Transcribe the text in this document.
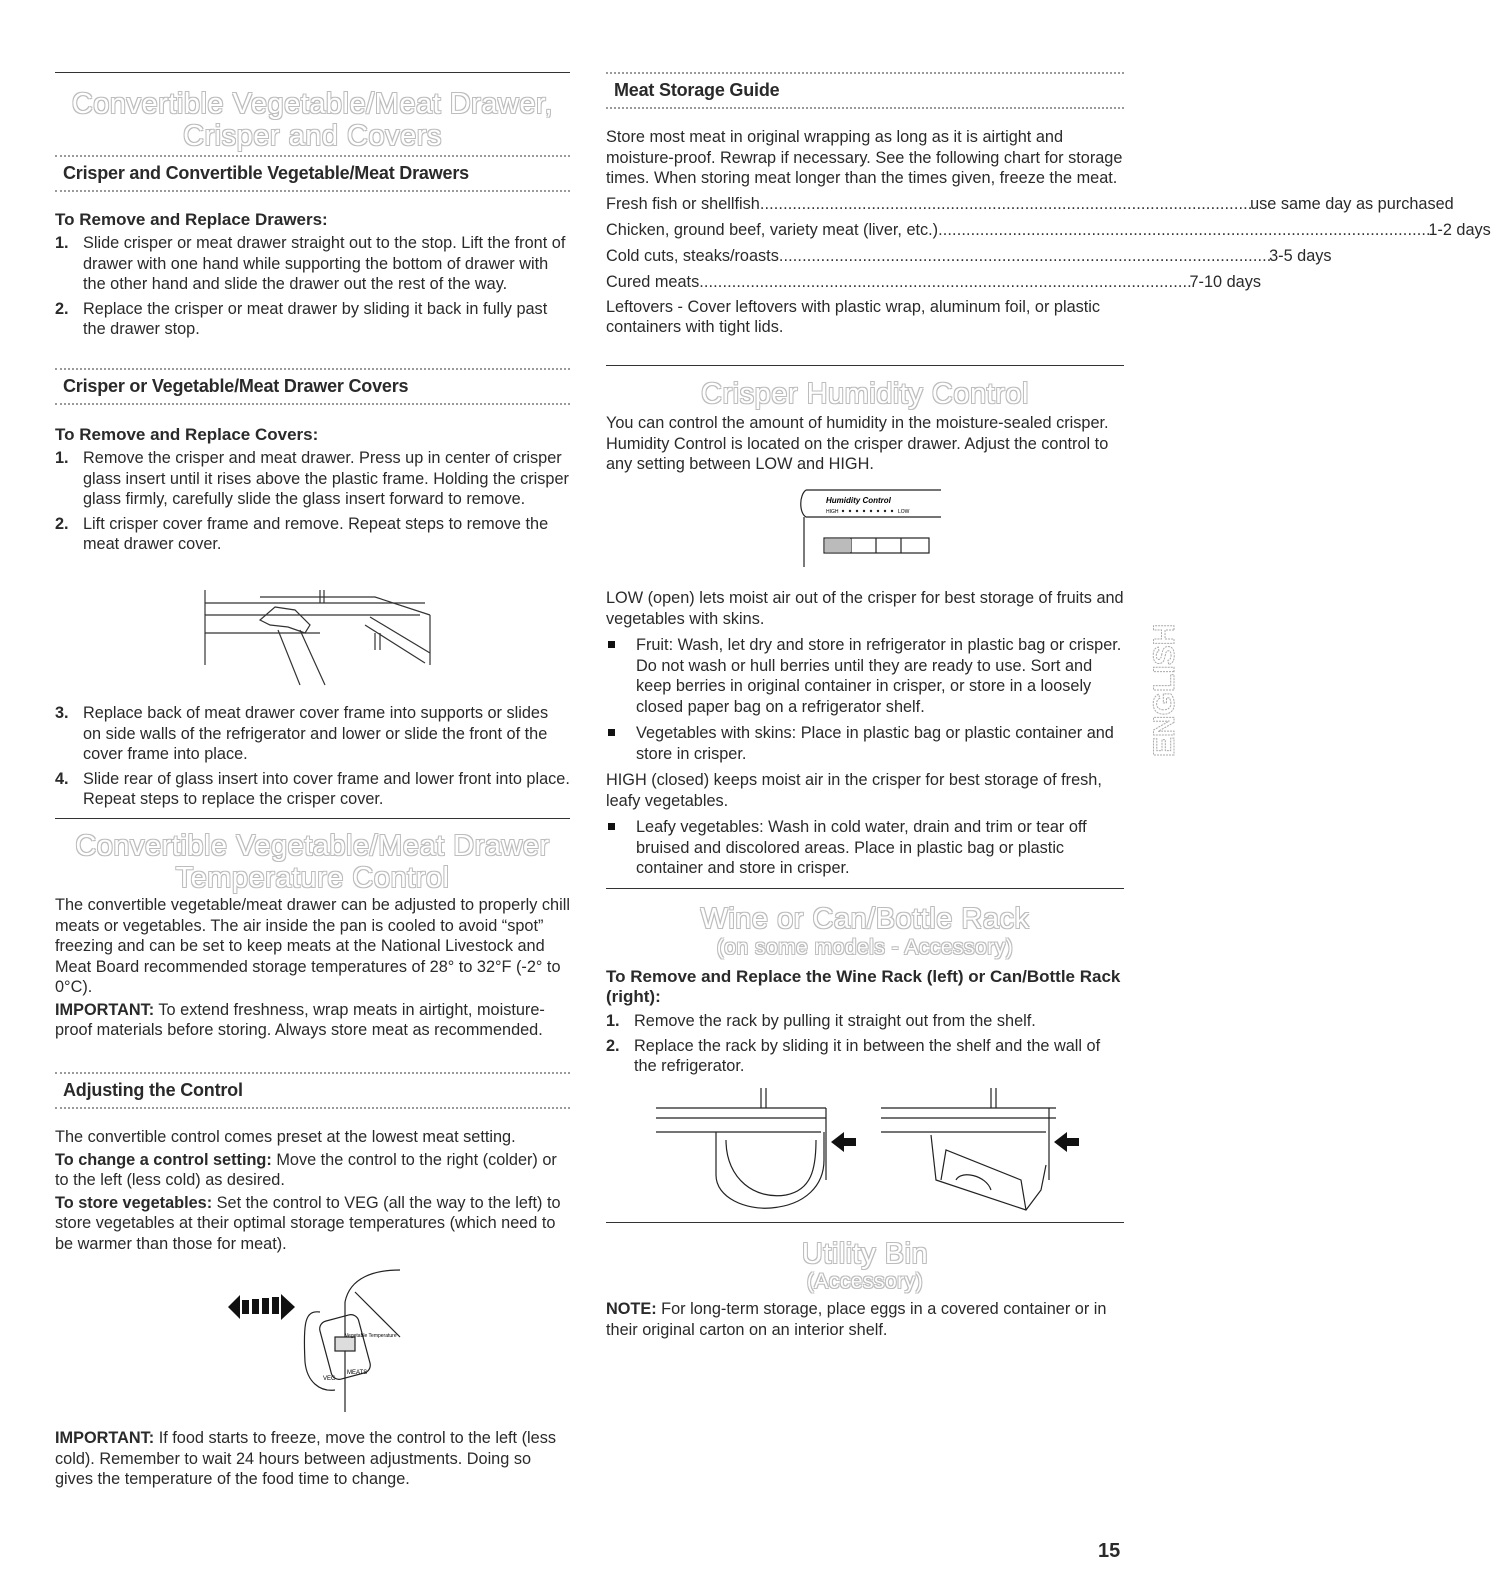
Convertible Vegetable/Meat Drawer,
Crisper and Covers
Crisper and Convertible Vegetable/Meat Drawers
To Remove and Replace Drawers:
1. Slide crisper or meat drawer straight out to the stop. Lift the front of drawer with one hand while supporting the bottom of drawer with the other hand and slide the drawer out the rest of the way.
2. Replace the crisper or meat drawer by sliding it back in fully past the drawer stop.
Crisper or Vegetable/Meat Drawer Covers
To Remove and Replace Covers:
1. Remove the crisper and meat drawer. Press up in center of crisper glass insert until it rises above the plastic frame. Holding the crisper glass firmly, carefully slide the glass insert forward to remove.
2. Lift crisper cover frame and remove. Repeat steps to remove the meat drawer cover.
3. Replace back of meat drawer cover frame into supports or slides on side walls of the refrigerator and lower or slide the front of the cover frame into place.
4. Slide rear of glass insert into cover frame and lower front into place. Repeat steps to replace the crisper cover.
Convertible Vegetable/Meat Drawer
Temperature Control

The convertible vegetable/meat drawer can be adjusted to properly chill meats or vegetables. The air inside the pan is cooled to avoid “spot” freezing and can be set to keep meats at the National Livestock and Meat Board recommended storage temperatures of 28° to 32°F (-2° to 0°C).

IMPORTANT: To extend freshness, wrap meats in airtight, moisture-proof materials before storing. Always store meat as recommended.

Adjusting the Control

The convertible control comes preset at the lowest meat setting.

To change a control setting: Move the control to the right (colder) or to the left (less cold) as desired.

To store vegetables: Set the control to VEG (all the way to the left) to store vegetables at their optimal storage temperatures (which need to be warmer than those for meat).

Vegetable Temperature
VEG
MEATS

IMPORTANT: If food starts to freeze, move the control to the left (less cold). Remember to wait 24 hours between adjustments. Doing so gives the temperature of the food time to change.

Meat Storage Guide

Store most meat in original wrapping as long as it is airtight and moisture-proof. Rewrap if necessary. See the following chart for storage times. When storing meat longer than the times given, freeze the meat.

Fresh fish or shellfish . . .	use same day as purchased
Chicken, ground beef, variety meat (liver, etc.) . . .	1-2 days
Cold cuts, steaks/roasts . . .	3-5 days
Cured meats . . .	7-10 days

Leftovers - Cover leftovers with plastic wrap, aluminum foil, or plastic containers with tight lids.

Crisper Humidity Control

You can control the amount of humidity in the moisture-sealed crisper. Humidity Control is located on the crisper drawer. Adjust the control to any setting between LOW and HIGH.

Humidity Control
HIGH	LOW

LOW (open) lets moist air out of the crisper for best storage of fruits and vegetables with skins.

Fruit: Wash, let dry and store in refrigerator in plastic bag or crisper. Do not wash or hull berries until they are ready to use. Sort and keep berries in original container in crisper, or store in a loosely closed paper bag on a refrigerator shelf.
Vegetables with skins: Place in plastic bag or plastic container and store in crisper.

HIGH (closed) keeps moist air in the crisper for best storage of fresh, leafy vegetables.

Leafy vegetables: Wash in cold water, drain and trim or tear off bruised and discolored areas. Place in plastic bag or plastic container and store in crisper.
Wine or Can/Bottle Rack
(on some models - Accessory)
To Remove and Replace the Wine Rack (left) or Can/Bottle Rack (right):
1. Remove the rack by pulling it straight out from the shelf.
2. Replace the rack by sliding it in between the shelf and the wall of the refrigerator.
Utility Bin
(Accessory)

NOTE: For long-term storage, place eggs in a covered container or in their original carton on an interior shelf.

ENGLISH
15
